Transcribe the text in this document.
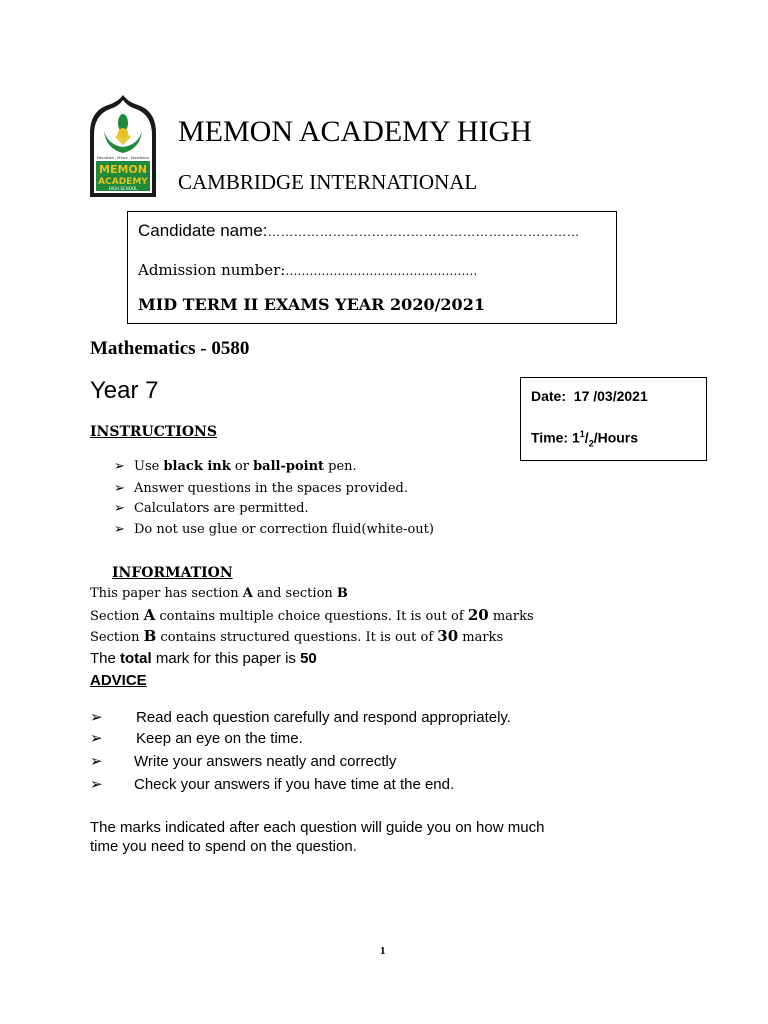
Education - Ethics - Excellence
MEMON
ACADEMY
HIGH SCHOOL
MEMON ACADEMY HIGH
CAMBRIDGE INTERNATIONAL
Candidate name:………………………………………………………………
Admission number:…………………………………………
MID TERM II EXAMS YEAR 2020/2021
Mathematics - 0580
Year 7	Date: 17 /03/2021
Time: $1^1/_2$/Hours
INSTRUCTIONS
➢ Use black ink or ball-point pen.
➢ Answer questions in the spaces provided.
➢ Calculators are permitted.
➢ Do not use glue or correction fluid(white-out)
INFORMATION
This paper has section A and section B
Section A contains multiple choice questions. It is out of 20 marks
Section B contains structured questions. It is out of 30 marks
The total mark for this paper is 50
ADVICE
➢ Read each question carefully and respond appropriately.
➢ Keep an eye on the time.
➢ Write your answers neatly and correctly
➢ Check your answers if you have time at the end.
The marks indicated after each question will guide you on how much
time you need to spend on the question.
1
